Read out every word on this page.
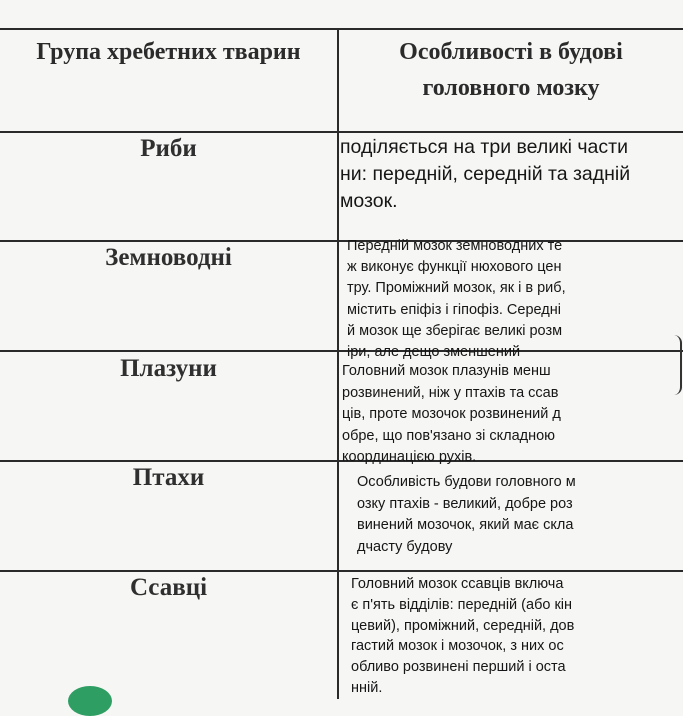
Група хребетних тварин	Особливості в будові головного мозку
Риби	поділяється на три великі части
ни: передній, середній та задній
мозок.
Земноводні	Передній мозок земноводних те
ж виконує функції нюхового цен
тру. Проміжний мозок, як і в риб,
містить епіфіз і гіпофіз. Середні
й мозок ще зберігає великі розм
іри, але дещо зменшений
Плазуни	Головний мозок плазунів менш
розвинений, ніж у птахів та ссав
ців, проте мозочок розвинений д
обре, що пов'язано зі складною
координацією рухів.
Птахи	Особливість будови головного м
озку птахів - великий, добре роз
винений мозочок, який має скла
дчасту будову
Ссавці	Головний мозок ссавців включа
є п'ять відділів: передній (або кін
цевий), проміжний, середній, дов
гастий мозок і мозочок, з них ос
обливо розвинені перший і оста
нній.
